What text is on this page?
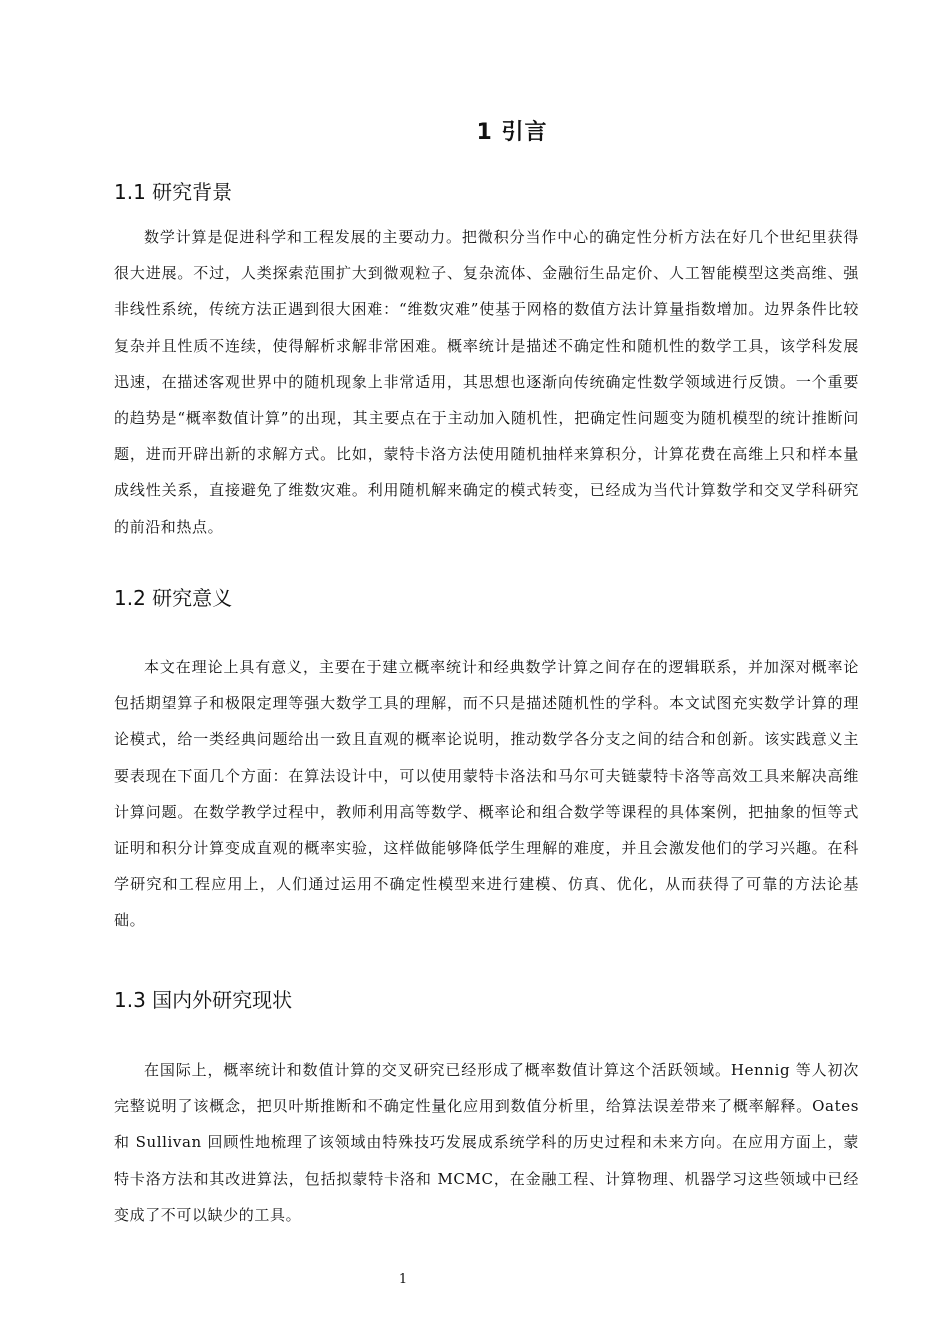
1 引言
1.1 研究背景

数学计算是促进科学和工程发展的主要动力。把微积分当作中心的确定性分析方法在好几个世纪里获得很大进展。不过，人类探索范围扩大到微观粒子、复杂流体、金融衍生品定价、人工智能模型这类高维、强非线性系统，传统方法正遇到很大困难：“维数灾难”使基于网格的数值方法计算量指数增加。边界条件比较复杂并且性质不连续，使得解析求解非常困难。概率统计是描述不确定性和随机性的数学工具，该学科发展迅速，在描述客观世界中的随机现象上非常适用，其思想也逐渐向传统确定性数学领域进行反馈。一个重要的趋势是“概率数值计算”的出现，其主要点在于主动加入随机性，把确定性问题变为随机模型的统计推断问题，进而开辟出新的求解方式。比如，蒙特卡洛方法使用随机抽样来算积分，计算花费在高维上只和样本量成线性关系，直接避免了维数灾难。利用随机解来确定的模式转变，已经成为当代计算数学和交叉学科研究的前沿和热点。

1.2 研究意义

本文在理论上具有意义，主要在于建立概率统计和经典数学计算之间存在的逻辑联系，并加深对概率论包括期望算子和极限定理等强大数学工具的理解，而不只是描述随机性的学科。本文试图充实数学计算的理论模式，给一类经典问题给出一致且直观的概率论说明，推动数学各分支之间的结合和创新。该实践意义主要表现在下面几个方面：在算法设计中，可以使用蒙特卡洛法和马尔可夫链蒙特卡洛等高效工具来解决高维计算问题。在数学教学过程中，教师利用高等数学、概率论和组合数学等课程的具体案例，把抽象的恒等式证明和积分计算变成直观的概率实验，这样做能够降低学生理解的难度，并且会激发他们的学习兴趣。在科学研究和工程应用上，人们通过运用不确定性模型来进行建模、仿真、优化，从而获得了可靠的方法论基础。

1.3 国内外研究现状

在国际上，概率统计和数值计算的交叉研究已经形成了概率数值计算这个活跃领域。Hennig 等人初次完整说明了该概念，把贝叶斯推断和不确定性量化应用到数值分析里，给算法误差带来了概率解释。Oates 和 Sullivan 回顾性地梳理了该领域由特殊技巧发展成系统学科的历史过程和未来方向。在应用方面上，蒙特卡洛方法和其改进算法，包括拟蒙特卡洛和 MCMC，在金融工程、计算物理、机器学习这些领域中已经变成了不可以缺少的工具。

1
